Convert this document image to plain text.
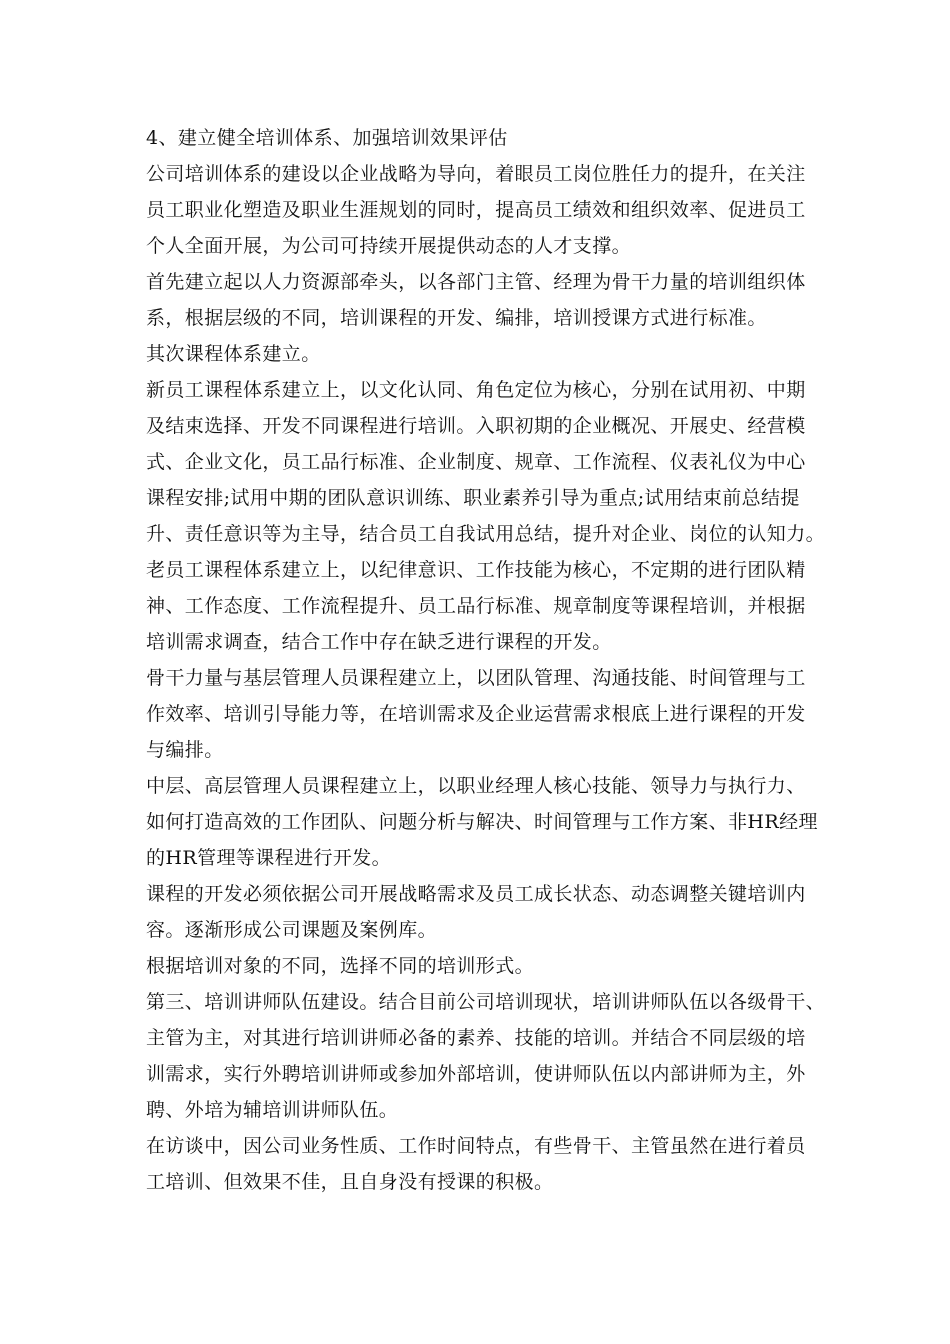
4、建立健全培训体系、加强培训效果评估
公司培训体系的建设以企业战略为导向，着眼员工岗位胜任力的提升，在关注
员工职业化塑造及职业生涯规划的同时，提高员工绩效和组织效率、促进员工
个人全面开展，为公司可持续开展提供动态的人才支撑。
首先建立起以人力资源部牵头，以各部门主管、经理为骨干力量的培训组织体
系，根据层级的不同，培训课程的开发、编排，培训授课方式进行标准。
其次课程体系建立。
新员工课程体系建立上，以文化认同、角色定位为核心，分别在试用初、中期
及结束选择、开发不同课程进行培训。入职初期的企业概况、开展史、经营模
式、企业文化，员工品行标准、企业制度、规章、工作流程、仪表礼仪为中心
课程安排;试用中期的团队意识训练、职业素养引导为重点;试用结束前总结提
升、责任意识等为主导，结合员工自我试用总结，提升对企业、岗位的认知力。
老员工课程体系建立上，以纪律意识、工作技能为核心，不定期的进行团队精
神、工作态度、工作流程提升、员工品行标准、规章制度等课程培训，并根据
培训需求调查，结合工作中存在缺乏进行课程的开发。
骨干力量与基层管理人员课程建立上，以团队管理、沟通技能、时间管理与工
作效率、培训引导能力等，在培训需求及企业运营需求根底上进行课程的开发
与编排。
中层、高层管理人员课程建立上，以职业经理人核心技能、领导力与执行力、
如何打造高效的工作团队、问题分析与解决、时间管理与工作方案、非HR经理
的HR管理等课程进行开发。
课程的开发必须依据公司开展战略需求及员工成长状态、动态调整关键培训内
容。逐渐形成公司课题及案例库。
根据培训对象的不同，选择不同的培训形式。
第三、培训讲师队伍建设。结合目前公司培训现状，培训讲师队伍以各级骨干、
主管为主，对其进行培训讲师必备的素养、技能的培训。并结合不同层级的培
训需求，实行外聘培训讲师或参加外部培训，使讲师队伍以内部讲师为主，外
聘、外培为辅培训讲师队伍。
在访谈中，因公司业务性质、工作时间特点，有些骨干、主管虽然在进行着员
工培训、但效果不佳，且自身没有授课的积极。
